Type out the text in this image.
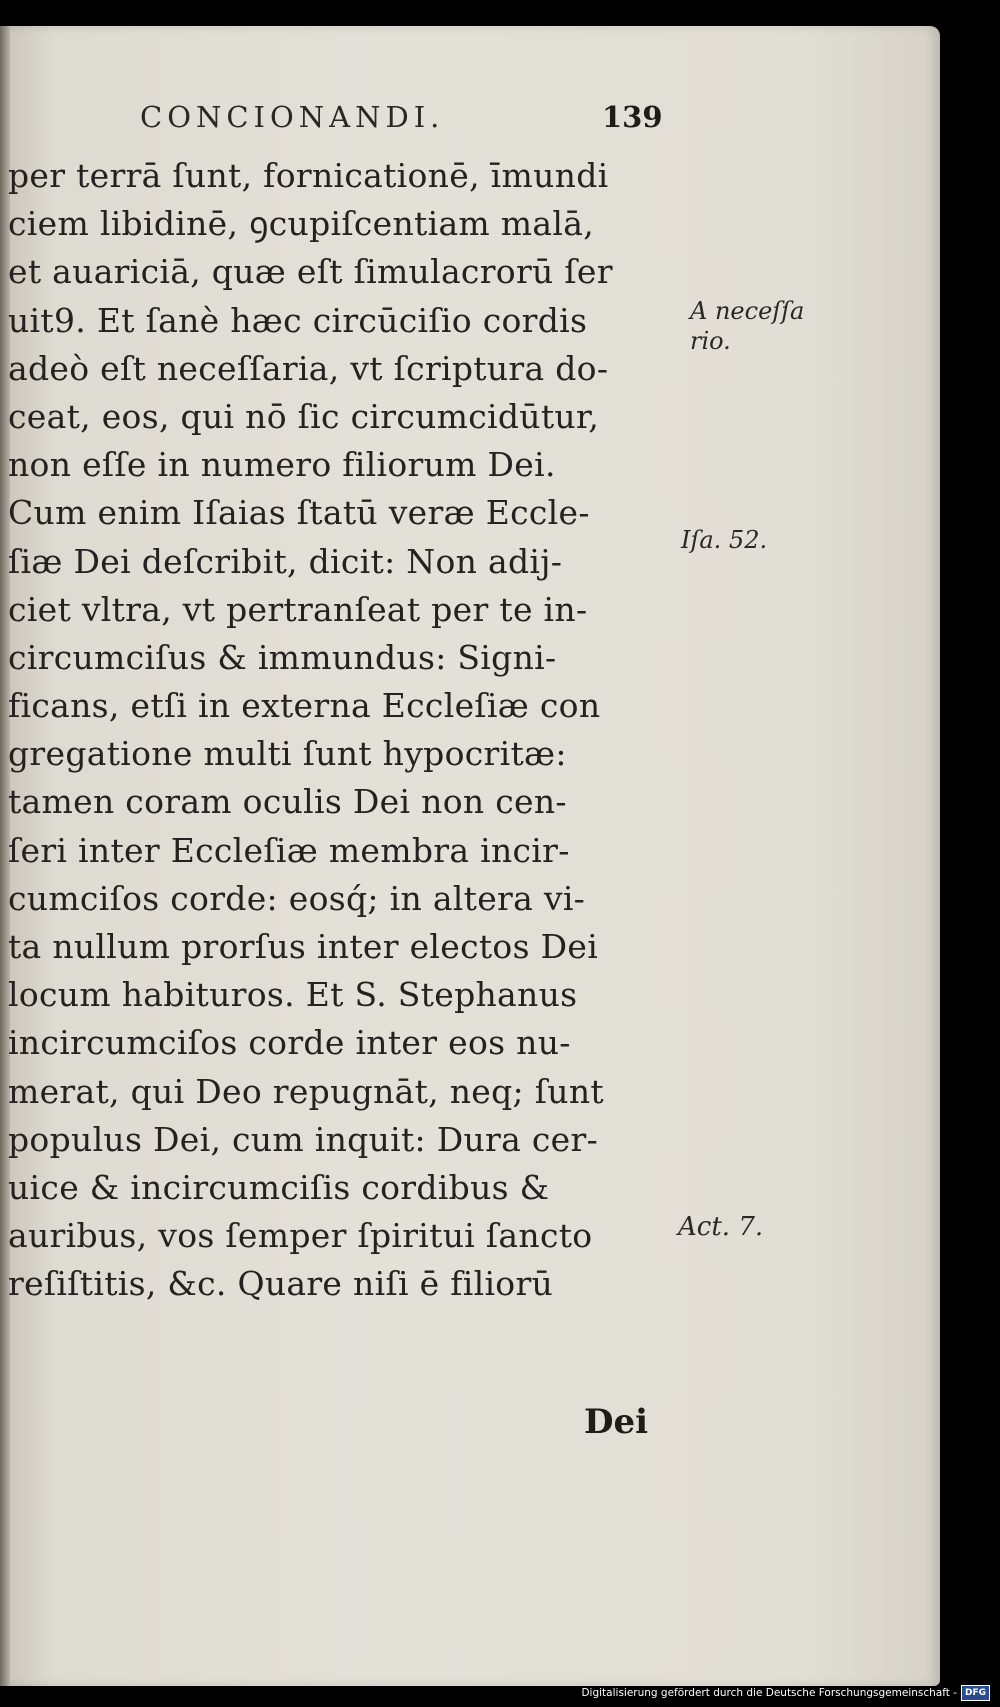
CONCIONANDI.	139
per terrā ſunt, fornicationē, īmundi
ciem libidinē, ꝯcupiſcentiam malā,
et auariciā, quæ eſt ſimulacrorū ſer
uit9. Et ſanè hæc circūciſio cordis
adeò eſt neceſſaria, vt ſcriptura do-
ceat, eos, qui nō ſic circumcidūtur,
non eſſe in numero filiorum Dei.
Cum enim Iſaias ſtatū veræ Eccle-
ſiæ Dei deſcribit, dicit: Non adij-
ciet vltra, vt pertranſeat per te in-
circumciſus & immundus: Signi-
ficans, etſi in externa Eccleſiæ con
gregatione multi ſunt hypocritæ:
tamen coram oculis Dei non cen-
ſeri inter Eccleſiæ membra incir-
cumciſos corde: eosq́; in altera vi-
ta nullum prorſus inter electos Dei
locum habituros. Et S. Stephanus
incircumciſos corde inter eos nu-
merat, qui Deo repugnāt, neq; ſunt
populus Dei, cum inquit: Dura cer-
uice & incircumciſis cordibus &
auribus, vos ſemper ſpiritui ſancto
reſiſtitis, &c. Quare niſi ē filiorū
Dei
A neceſſa
rio.
Iſa. 52.
Act. 7.
Digitalisierung gefördert durch die Deutsche Forschungsgemeinschaft - DFG
